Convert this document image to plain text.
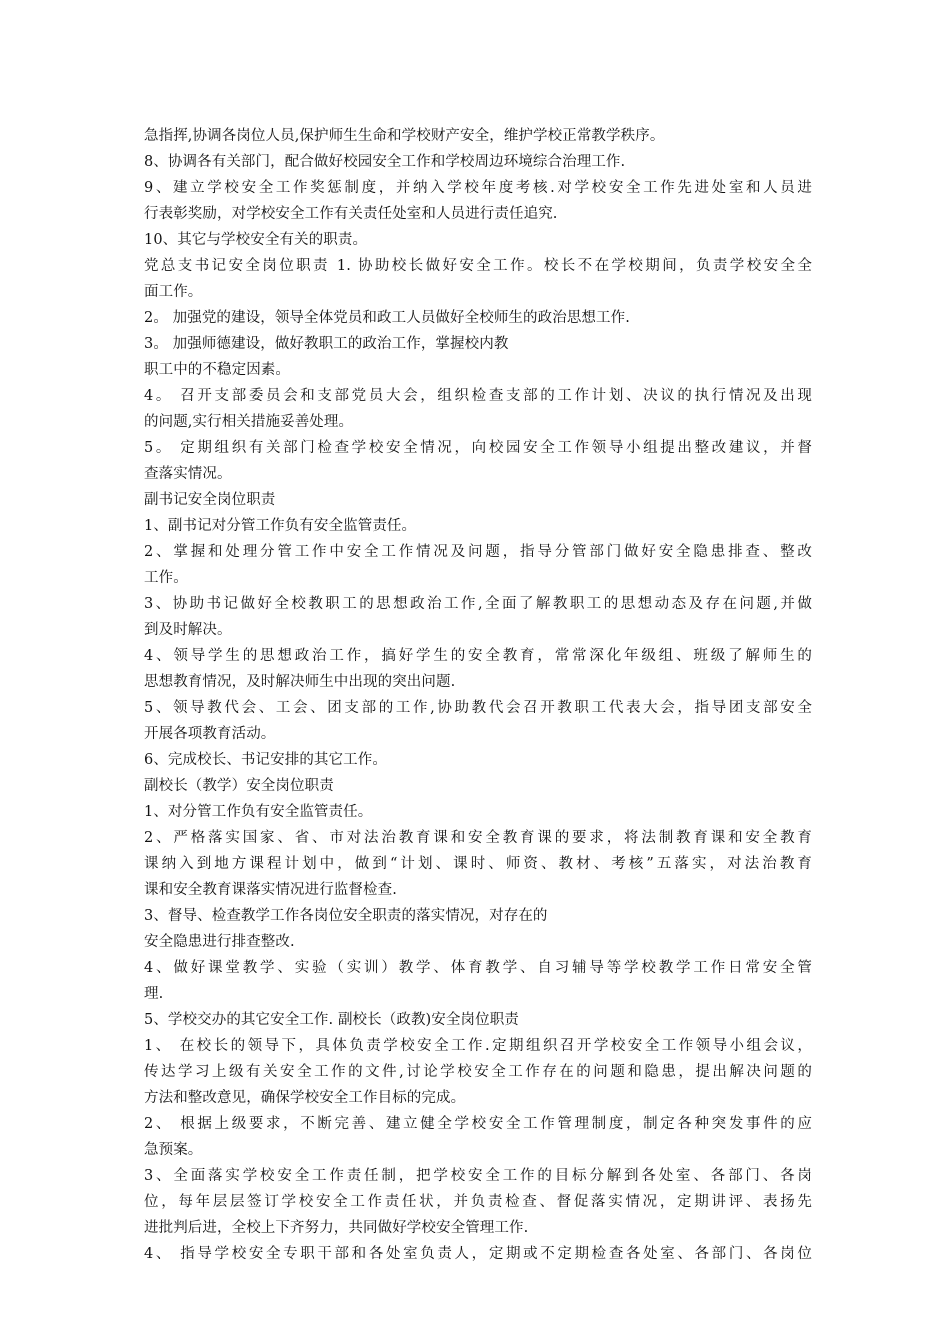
急指挥,协调各岗位人员,保护师生生命和学校财产安全，维护学校正常教学秩序。
8、协调各有关部门，配合做好校园安全工作和学校周边环境综合治理工作.
9、建立学校安全工作奖惩制度，并纳入学校年度考核.对学校安全工作先进处室和人员进
行表彰奖励，对学校安全工作有关责任处室和人员进行责任追究.
10、其它与学校安全有关的职责。
党总支书记安全岗位职责 1. 协助校长做好安全工作。校长不在学校期间，负责学校安全全
面工作。
2。 加强党的建设，领导全体党员和政工人员做好全校师生的政治思想工作.
3。 加强师德建设，做好教职工的政治工作，掌握校内教
职工中的不稳定因素。
4。 召开支部委员会和支部党员大会，组织检查支部的工作计划、决议的执行情况及出现
的问题,实行相关措施妥善处理。
5。 定期组织有关部门检查学校安全情况，向校园安全工作领导小组提出整改建议，并督
查落实情况。
副书记安全岗位职责
1、副书记对分管工作负有安全监管责任。
2、掌握和处理分管工作中安全工作情况及问题，指导分管部门做好安全隐患排查、整改
工作。
3、协助书记做好全校教职工的思想政治工作,全面了解教职工的思想动态及存在问题,并做
到及时解决。
4、领导学生的思想政治工作，搞好学生的安全教育，常常深化年级组、班级了解师生的
思想教育情况，及时解决师生中出现的突出问题.
5、领导教代会、工会、团支部的工作,协助教代会召开教职工代表大会，指导团支部安全
开展各项教育活动。
6、完成校长、书记安排的其它工作。
副校长（教学）安全岗位职责
1、对分管工作负有安全监管责任。
2、严格落实国家、省、市对法治教育课和安全教育课的要求，将法制教育课和安全教育
课纳入到地方课程计划中，做到“计划、课时、师资、教材、考核”五落实，对法治教育
课和安全教育课落实情况进行监督检查.
3、督导、检查教学工作各岗位安全职责的落实情况，对存在的
安全隐患进行排查整改.
4、做好课堂教学、实验（实训）教学、体育教学、自习辅导等学校教学工作日常安全管
理.
5、学校交办的其它安全工作. 副校长（政教)安全岗位职责
1、 在校长的领导下，具体负责学校安全工作.定期组织召开学校安全工作领导小组会议，
传达学习上级有关安全工作的文件,讨论学校安全工作存在的问题和隐患，提出解决问题的
方法和整改意见，确保学校安全工作目标的完成。
2、 根据上级要求，不断完善、建立健全学校安全工作管理制度，制定各种突发事件的应
急预案。
3、全面落实学校安全工作责任制，把学校安全工作的目标分解到各处室、各部门、各岗
位，每年层层签订学校安全工作责任状，并负责检查、督促落实情况，定期讲评、表扬先
进批判后进，全校上下齐努力，共同做好学校安全管理工作.
4、 指导学校安全专职干部和各处室负责人，定期或不定期检查各处室、各部门、各岗位
